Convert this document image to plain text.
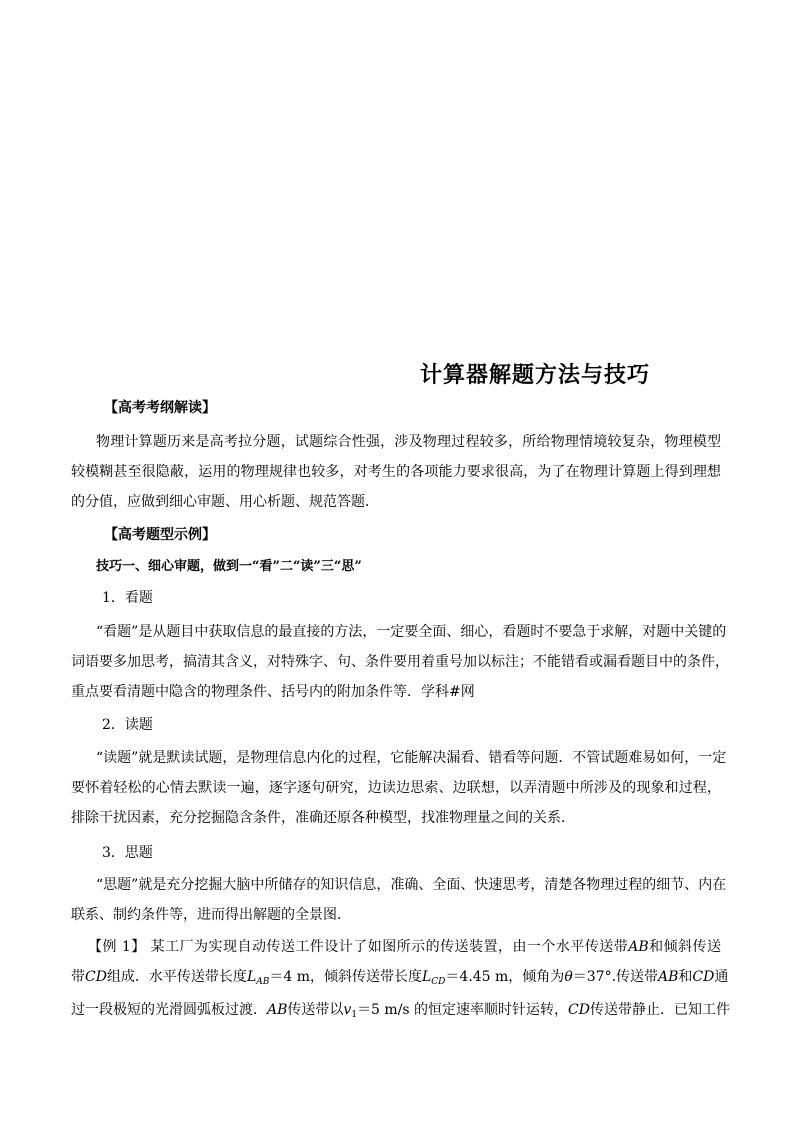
计算器解题方法与技巧
【高考考纲解读】
物理计算题历来是高考拉分题，试题综合性强，涉及物理过程较多，所给物理情境较复杂，物理模型
较模糊甚至很隐蔽，运用的物理规律也较多，对考生的各项能力要求很高，为了在物理计算题上得到理想
的分值，应做到细心审题、用心析题、规范答题．
【高考题型示例】
技巧一、细心审题，做到一“看”二“读”三“思”
1．看题
“看题”是从题目中获取信息的最直接的方法，一定要全面、细心，看题时不要急于求解，对题中关键的
词语要多加思考，搞清其含义，对特殊字、句、条件要用着重号加以标注；不能错看或漏看题目中的条件，
重点要看清题中隐含的物理条件、括号内的附加条件等．学科#网
2．读题
“读题”就是默读试题，是物理信息内化的过程，它能解决漏看、错看等问题．不管试题难易如何，一定
要怀着轻松的心情去默读一遍，逐字逐句研究，边读边思索、边联想，以弄清题中所涉及的现象和过程，
排除干扰因素，充分挖掘隐含条件，准确还原各种模型，找准物理量之间的关系．
3．思题
“思题”就是充分挖掘大脑中所储存的知识信息，准确、全面、快速思考，清楚各物理过程的细节、内在
联系、制约条件等，进而得出解题的全景图．
【例 1】 某工厂为实现自动传送工件设计了如图所示的传送装置，由一个水平传送带AB和倾斜传送
带CD组成．水平传送带长度$L_{AB}=4$ m，倾斜传送带长度$L_{CD}=4.45$ m，倾角为θ＝37°.传送带AB和CD通
过一段极短的光滑圆弧板过渡．AB传送带以$v_1=5$ m/s 的恒定速率顺时针运转，CD传送带静止．已知工件
